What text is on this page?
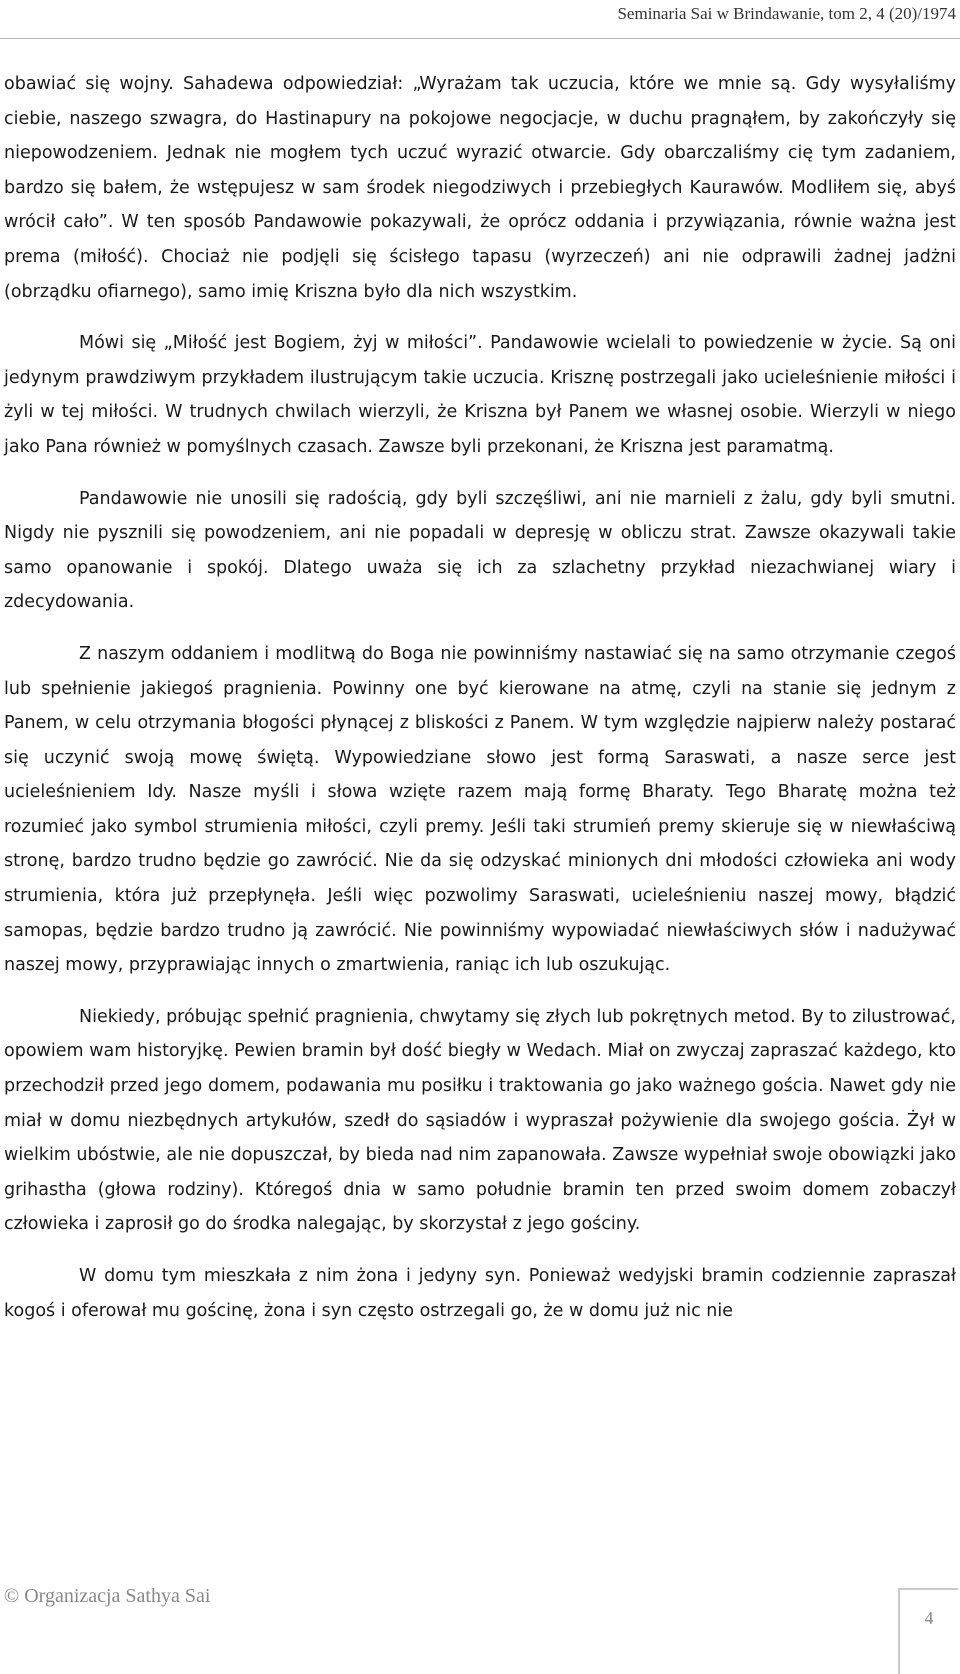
Seminaria Sai w Brindawanie, tom 2, 4 (20)/1974

obawiać się wojny. Sahadewa odpowiedział: „Wyrażam tak uczucia, które we mnie są. Gdy wysyłaliśmy ciebie, naszego szwagra, do Hastinapury na pokojowe negocjacje, w duchu pragnąłem, by zakończyły się niepowodzeniem. Jednak nie mogłem tych uczuć wyrazić otwarcie. Gdy obarczaliśmy cię tym zadaniem, bardzo się bałem, że wstępujesz w sam środek niegodziwych i przebiegłych Kaurawów. Modliłem się, abyś wrócił cało”. W ten sposób Pandawowie pokazywali, że oprócz oddania i przywiązania, równie ważna jest prema (miłość). Chociaż nie podjęli się ścisłego tapasu (wyrzeczeń) ani nie odprawili żadnej jadżni (obrządku ofiarnego), samo imię Kriszna było dla nich wszystkim.

Mówi się „Miłość jest Bogiem, żyj w miłości”. Pandawowie wcielali to powiedzenie w życie. Są oni jedynym prawdziwym przykładem ilustrującym takie uczucia. Krisznę postrzegali jako ucieleśnienie miłości i żyli w tej miłości. W trudnych chwilach wierzyli, że Kriszna był Panem we własnej osobie. Wierzyli w niego jako Pana również w pomyślnych czasach. Zawsze byli przekonani, że Kriszna jest paramatmą.

Pandawowie nie unosili się radością, gdy byli szczęśliwi, ani nie marnieli z żalu, gdy byli smutni. Nigdy nie pysznili się powodzeniem, ani nie popadali w depresję w obliczu strat. Zawsze okazywali takie samo opanowanie i spokój. Dlatego uważa się ich za szlachetny przykład niezachwianej wiary i zdecydowania.

Z naszym oddaniem i modlitwą do Boga nie powinniśmy nastawiać się na samo otrzymanie czegoś lub spełnienie jakiegoś pragnienia. Powinny one być kierowane na atmę, czyli na stanie się jednym z Panem, w celu otrzymania błogości płynącej z bliskości z Panem. W tym względzie najpierw należy postarać się uczynić swoją mowę świętą. Wypowiedziane słowo jest formą Saraswati, a nasze serce jest ucieleśnieniem Idy. Nasze myśli i słowa wzięte razem mają formę Bharaty. Tego Bharatę można też rozumieć jako symbol strumienia miłości, czyli premy. Jeśli taki strumień premy skieruje się w niewłaściwą stronę, bardzo trudno będzie go zawrócić. Nie da się odzyskać minionych dni młodości człowieka ani wody strumienia, która już przepłynęła. Jeśli więc pozwolimy Saraswati, ucieleśnieniu naszej mowy, błądzić samopas, będzie bardzo trudno ją zawrócić. Nie powinniśmy wypowiadać niewłaściwych słów i nadużywać naszej mowy, przyprawiając innych o zmartwienia, raniąc ich lub oszukując.

Niekiedy, próbując spełnić pragnienia, chwytamy się złych lub pokrętnych metod. By to zilustrować, opowiem wam historyjkę. Pewien bramin był dość biegły w Wedach. Miał on zwyczaj zapraszać każdego, kto przechodził przed jego domem, podawania mu posiłku i traktowania go jako ważnego gościa. Nawet gdy nie miał w domu niezbędnych artykułów, szedł do sąsiadów i wypraszał pożywienie dla swojego gościa. Żył w wielkim ubóstwie, ale nie dopuszczał, by bieda nad nim zapanowała. Zawsze wypełniał swoje obowiązki jako grihastha (głowa rodziny). Któregoś dnia w samo południe bramin ten przed swoim domem zobaczył człowieka i zaprosił go do środka nalegając, by skorzystał z jego gościny.

W domu tym mieszkała z nim żona i jedyny syn. Ponieważ wedyjski bramin codziennie zapraszał kogoś i oferował mu gościnę, żona i syn często ostrzegali go, że w domu już nic nie

© Organizacja Sathya Sai
4
